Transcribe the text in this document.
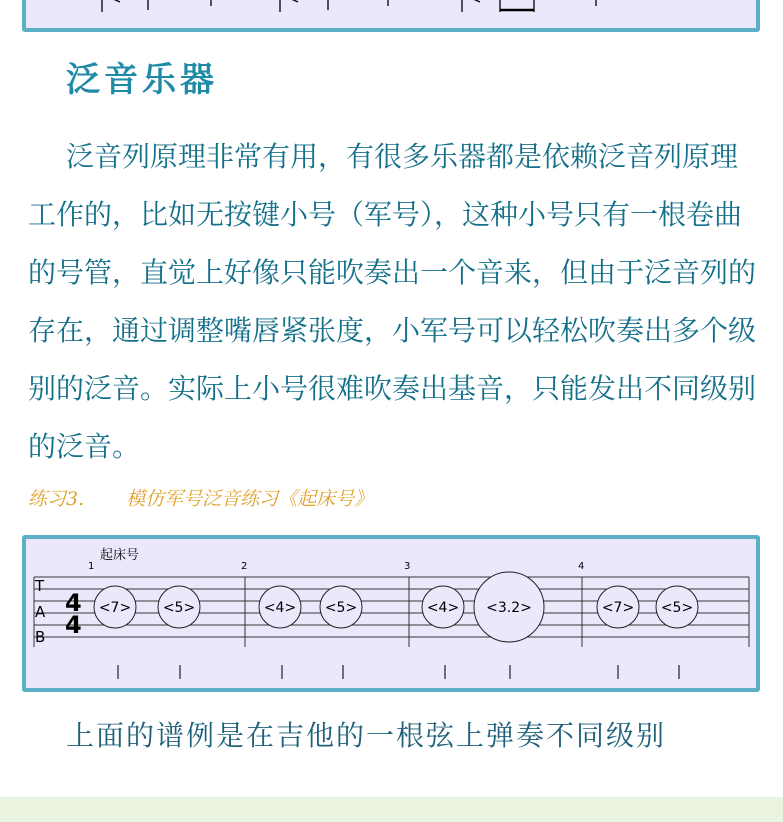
泛音乐器

泛音列原理非常有用，有很多乐器都是依赖泛音列原理工作的，比如无按键小号（军号），这种小号只有一根卷曲的号管，直觉上好像只能吹奏出一个音来，但由于泛音列的存在，通过调整嘴唇紧张度，小军号可以轻松吹奏出多个级别的泛音。实际上小号很难吹奏出基音，只能发出不同级别的泛音。

练习3. 模仿军号泛音练习《起床号》
T
A
B
4
4
起床号
1	2	3	4
<7> <5>	<4> <5>	<4> <3.2>	<7> <5>
上面的谱例是在吉他的一根弦上弹奏不同级别
